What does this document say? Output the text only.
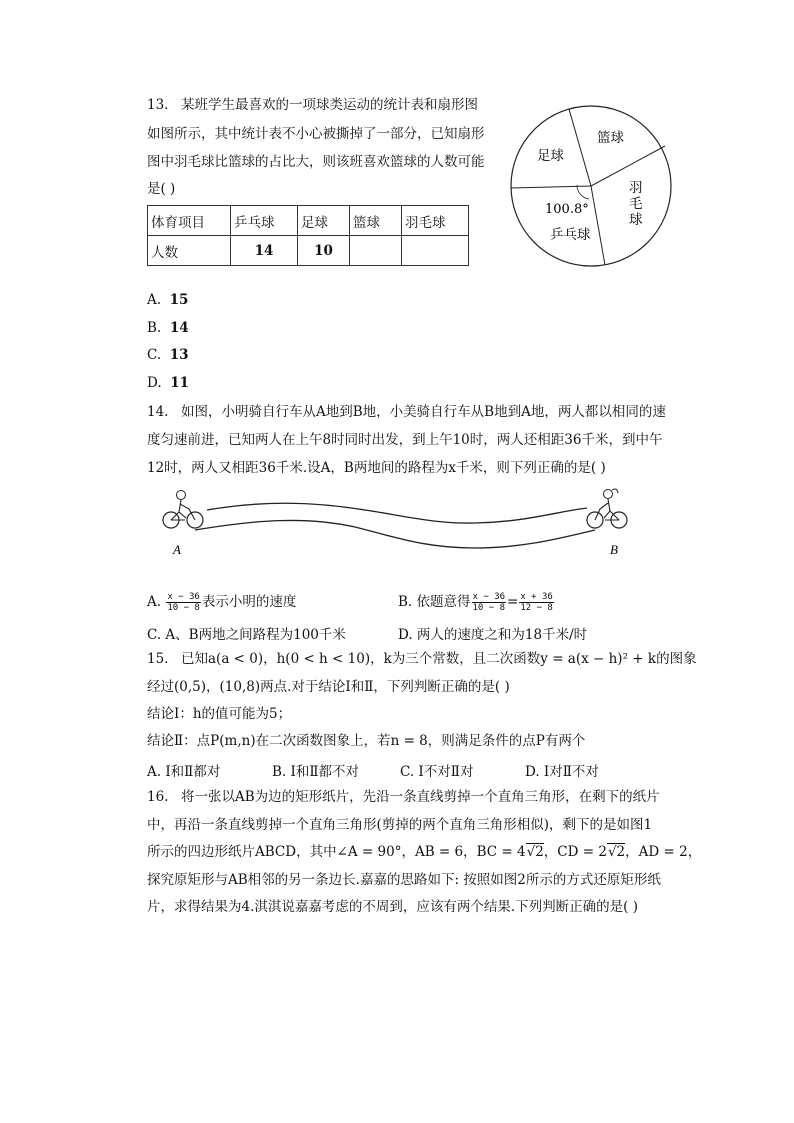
13. 某班学生最喜欢的一项球类运动的统计表和扇形图
如图所示，其中统计表不小心被撕掉了一部分，已知扇形
图中羽毛球比篮球的占比大，则该班喜欢篮球的人数可能
是( )
体育项目	乒乓球	足球	篮球	羽毛球
人数	14	10		
篮球
足球
羽
毛
球
100.8°
乒乓球
A. 15
B. 14
C. 13
D. 11
14. 如图，小明骑自行车从A地到B地，小美骑自行车从B地到A地，两人都以相同的速
度匀速前进，已知两人在上午8时同时出发，到上午10时，两人还相距36千米，到中午
12时，两人又相距36千米.设A，B两地间的路程为x千米，则下列正确的是( )
A	B
A. $\frac{x - 36}{10 - 8}$ 表示小明的速度	B. 依题意得 $\frac{x - 36}{10 - 8} = \frac{x + 36}{12 - 8}$
C. A、B两地之间路程为100千米	D. 两人的速度之和为18千米/时
15. 已知a(a < 0)，h(0 < h < 10)，k为三个常数，且二次函数y = a(x − h)² + k的图象
经过(0,5)，(10,8)两点.对于结论Ⅰ和Ⅱ，下列判断正确的是( )
结论Ⅰ：h的值可能为5；
结论Ⅱ：点P(m,n)在二次函数图象上，若n = 8，则满足条件的点P有两个
A. Ⅰ和Ⅱ都对	B. Ⅰ和Ⅱ都不对	C. Ⅰ不对Ⅱ对	D. Ⅰ对Ⅱ不对
16. 将一张以AB为边的矩形纸片，先沿一条直线剪掉一个直角三角形，在剩下的纸片
中，再沿一条直线剪掉一个直角三角形(剪掉的两个直角三角形相似)，剩下的是如图1
所示的四边形纸片ABCD，其中∠A = 90°，AB = 6，BC = 4√2，CD = 2√2，AD = 2，
探究原矩形与AB相邻的另一条边长.嘉嘉的思路如下: 按照如图2所示的方式还原矩形纸
片，求得结果为4.淇淇说嘉嘉考虑的不周到，应该有两个结果.下列判断正确的是( )
